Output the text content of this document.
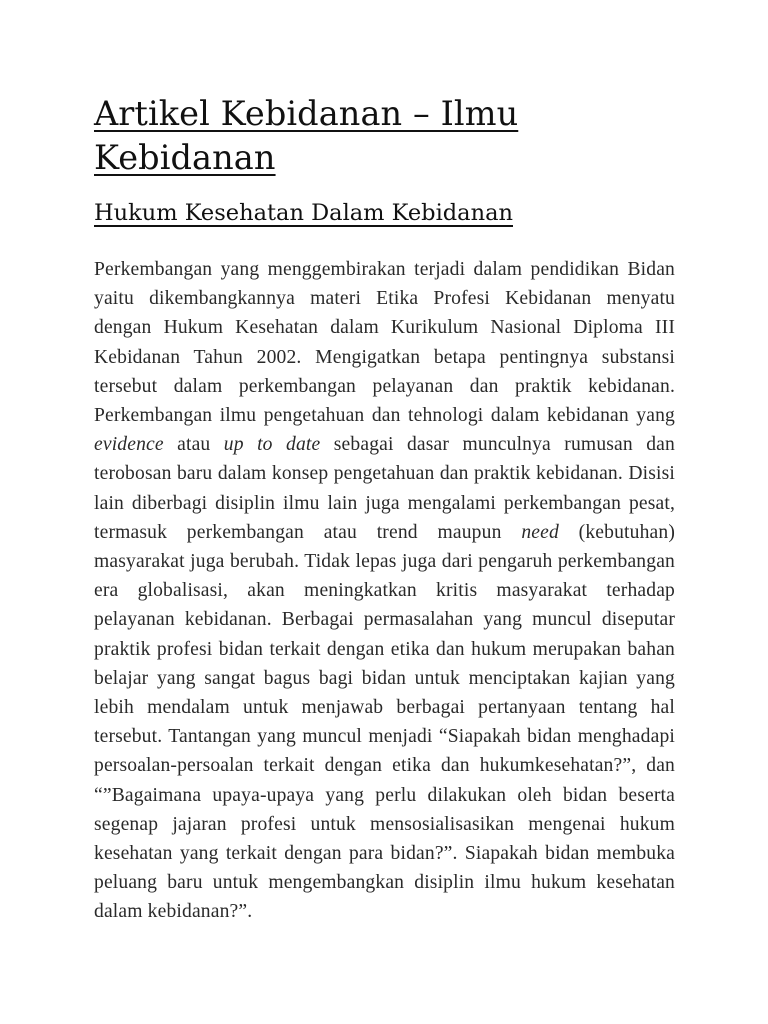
Artikel Kebidanan – Ilmu Kebidanan
Hukum Kesehatan Dalam Kebidanan

Perkembangan yang menggembirakan terjadi dalam pendidikan Bidan yaitu dikembangkannya materi Etika Profesi Kebidanan menyatu dengan Hukum Kesehatan dalam Kurikulum Nasional Diploma III Kebidanan Tahun 2002. Mengigatkan betapa pentingnya substansi tersebut dalam perkembangan pelayanan dan praktik kebidanan. Perkembangan ilmu pengetahuan dan tehnologi dalam kebidanan yang evidence atau up to date sebagai dasar munculnya rumusan dan terobosan baru dalam konsep pengetahuan dan praktik kebidanan. Disisi lain diberbagi disiplin ilmu lain juga mengalami perkembangan pesat, termasuk perkembangan atau trend maupun need (kebutuhan) masyarakat juga berubah. Tidak lepas juga dari pengaruh perkembangan era globalisasi, akan meningkatkan kritis masyarakat terhadap pelayanan kebidanan. Berbagai permasalahan yang muncul diseputar praktik profesi bidan terkait dengan etika dan hukum merupakan bahan belajar yang sangat bagus bagi bidan untuk menciptakan kajian yang lebih mendalam untuk menjawab berbagai pertanyaan tentang hal tersebut. Tantangan yang muncul menjadi “Siapakah bidan menghadapi persoalan-persoalan terkait dengan etika dan hukumkesehatan?”, dan “”Bagaimana upaya-upaya yang perlu dilakukan oleh bidan beserta segenap jajaran profesi untuk mensosialisasikan mengenai hukum kesehatan yang terkait dengan para bidan?”. Siapakah bidan membuka peluang baru untuk mengembangkan disiplin ilmu hukum kesehatan dalam kebidanan?”.
